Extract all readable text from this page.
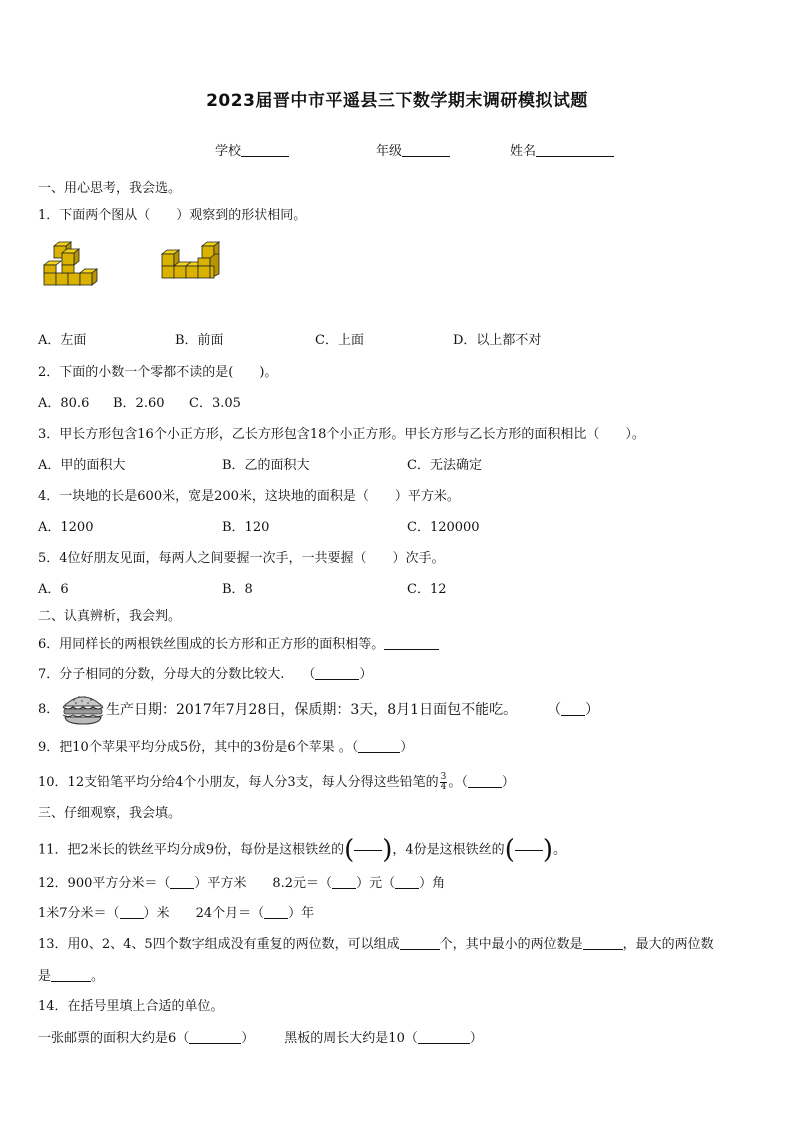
2023届晋中市平遥县三下数学期末调研模拟试题
学校	年级	姓名
一、用心思考，我会选。
1．下面两个图从（　　）观察到的形状相同。
A．左面	B．前面	C．上面	D．以上都不对
2．下面的小数一个零都不读的是(　　)。
A．80.6 B．2.60 C．3.05
3．甲长方形包含16个小正方形，乙长方形包含18个小正方形。甲长方形与乙长方形的面积相比（　　）。
A．甲的面积大	B．乙的面积大	C．无法确定
4．一块地的长是600米，宽是200米，这块地的面积是（　　）平方米。
A．1200	B．120	C．120000
5．4位好朋友见面，每两人之间要握一次手，一共要握（　　）次手。
A．6	B．8	C．12
二、认真辨析，我会判。
6．用同样长的两根铁丝围成的长方形和正方形的面积相等。
7．分子相同的分数，分母大的分数比较大. （	）
8．	生产日期：2017年7月28日，保质期：3天，8月1日面包不能吃。 （ ）
9．把10个苹果平均分成5份，其中的3份是6个苹果 。（	）
10．12支铅笔平均分给4个小朋友，每人分3支，每人分得这些铅笔的 $\frac{3}{4}$ 。（	）
三、仔细观察，我会填。
11．把2米长的铁丝平均分成9份，每份是这根铁丝的( )，4份是这根铁丝的( )。
12．900平方分米＝（ ）平方米 8.2元＝（ ）元（ ）角
1米7分米＝（ ）米 24个月＝（ ）年
13．用0、2、4、5四个数字组成没有重复的两位数，可以组成	个，其中最小的两位数是	，最大的两位数
是	。
14．在括号里填上合适的单位。
一张邮票的面积大约是6（	） 黑板的周长大约是10（	）
